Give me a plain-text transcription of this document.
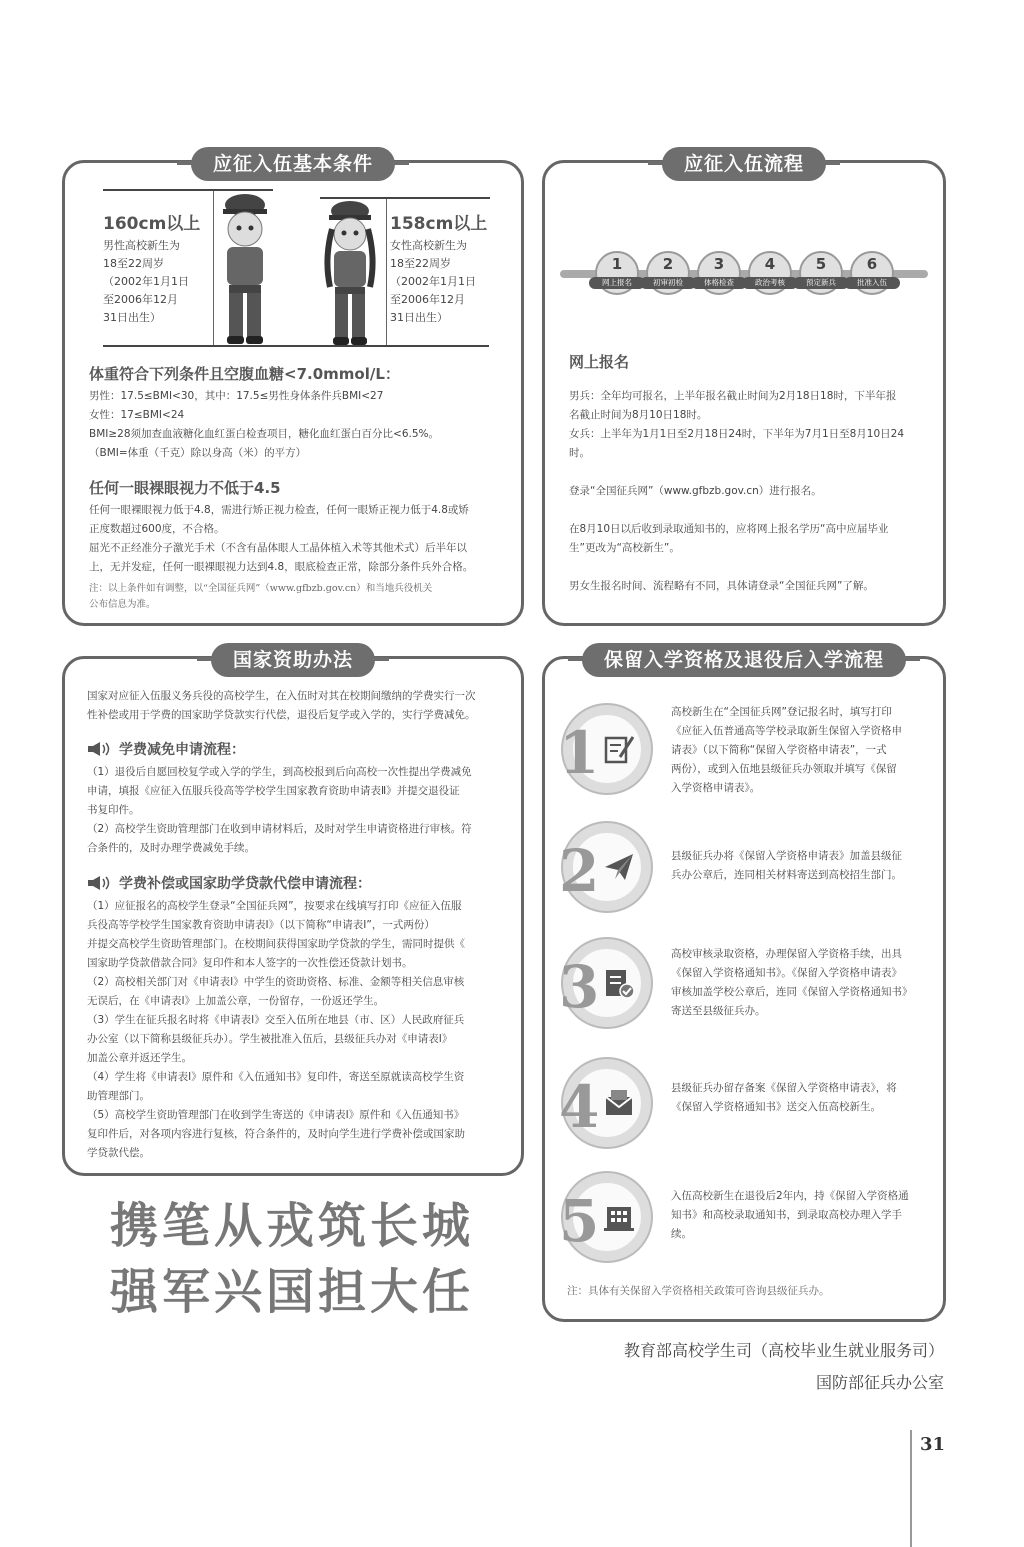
应征入伍基本条件
160cm以上
男性高校新生为
18至22周岁
（2002年1月1日
至2006年12月
31日出生）
158cm以上
女性高校新生为
18至22周岁
（2002年1月1日
至2006年12月
31日出生）
体重符合下列条件且空腹血糖<7.0mmol/L：
男性：17.5≤BMI<30，其中：17.5≤男性身体条件兵BMI<27
女性：17≤BMI<24
BMI≥28须加查血液糖化血红蛋白检查项目，糖化血红蛋白百分比<6.5%。
（BMI=体重（千克）除以身高（米）的平方）
任何一眼裸眼视力不低于4.5
任何一眼裸眼视力低于4.8，需进行矫正视力检查，任何一眼矫正视力低于4.8或矫
正度数超过600度，不合格。
屈光不正经准分子激光手术（不含有晶体眼人工晶体植入术等其他术式）后半年以
上，无并发症，任何一眼裸眼视力达到4.8，眼底检查正常，除部分条件兵外合格。
注：以上条件如有调整，以“全国征兵网”（www.gfbzb.gov.cn）和当地兵役机关
公布信息为准。
应征入伍流程
1
网上报名
2
初审初检
3
体格检查
4
政治考核
5
预定新兵
6
批准入伍
网上报名
男兵：全年均可报名，上半年报名截止时间为2月18日18时，下半年报
名截止时间为8月10日18时。
女兵：上半年为1月1日至2月18日24时，下半年为7月1日至8月10日24
时。
登录“全国征兵网”（www.gfbzb.gov.cn）进行报名。
在8月10日以后收到录取通知书的，应将网上报名学历“高中应届毕业
生”更改为“高校新生”。
男女生报名时间、流程略有不同，具体请登录“全国征兵网”了解。
国家资助办法
国家对应征入伍服义务兵役的高校学生，在入伍时对其在校期间缴纳的学费实行一次
性补偿或用于学费的国家助学贷款实行代偿，退役后复学或入学的，实行学费减免。
学费减免申请流程：
（1）退役后自愿回校复学或入学的学生，到高校报到后向高校一次性提出学费减免
申请，填报《应征入伍服兵役高等学校学生国家教育资助申请表Ⅱ》并提交退役证
书复印件。
（2）高校学生资助管理部门在收到申请材料后，及时对学生申请资格进行审核。符
合条件的，及时办理学费减免手续。
学费补偿或国家助学贷款代偿申请流程：
（1）应征报名的高校学生登录“全国征兵网”，按要求在线填写打印《应征入伍服
兵役高等学校学生国家教育资助申请表Ⅰ》（以下简称“申请表Ⅰ”，一式两份）
并提交高校学生资助管理部门。在校期间获得国家助学贷款的学生，需同时提供《
国家助学贷款借款合同》复印件和本人签字的一次性偿还贷款计划书。
（2）高校相关部门对《申请表Ⅰ》中学生的资助资格、标准、金额等相关信息审核
无误后，在《申请表Ⅰ》上加盖公章，一份留存，一份返还学生。
（3）学生在征兵报名时将《申请表Ⅰ》交至入伍所在地县（市、区）人民政府征兵
办公室（以下简称县级征兵办）。学生被批准入伍后，县级征兵办对《申请表Ⅰ》
加盖公章并返还学生。
（4）学生将《申请表Ⅰ》原件和《入伍通知书》复印件，寄送至原就读高校学生资
助管理部门。
（5）高校学生资助管理部门在收到学生寄送的《申请表Ⅰ》原件和《入伍通知书》
复印件后，对各项内容进行复核，符合条件的，及时向学生进行学费补偿或国家助
学贷款代偿。
保留入学资格及退役后入学流程
1
高校新生在“全国征兵网”登记报名时，填写打印
《应征入伍普通高等学校录取新生保留入学资格申
请表》（以下简称“保留入学资格申请表”，一式
两份），或到入伍地县级征兵办领取并填写《保留
入学资格申请表》。
2	县级征兵办将《保留入学资格申请表》加盖县级征
兵办公章后，连同相关材料寄送到高校招生部门。
3	高校审核录取资格，办理保留入学资格手续，出具
《保留入学资格通知书》。《保留入学资格申请表》
审核加盖学校公章后，连同《保留入学资格通知书》
寄送至县级征兵办。
4	县级征兵办留存备案《保留入学资格申请表》，将
《保留入学资格通知书》送交入伍高校新生。
5	入伍高校新生在退役后2年内，持《保留入学资格通
知书》和高校录取通知书，到录取高校办理入学手
续。
注：具体有关保留入学资格相关政策可咨询县级征兵办。
携笔从戎筑长城
强军兴国担大任
教育部高校学生司（高校毕业生就业服务司）
国防部征兵办公室
31
